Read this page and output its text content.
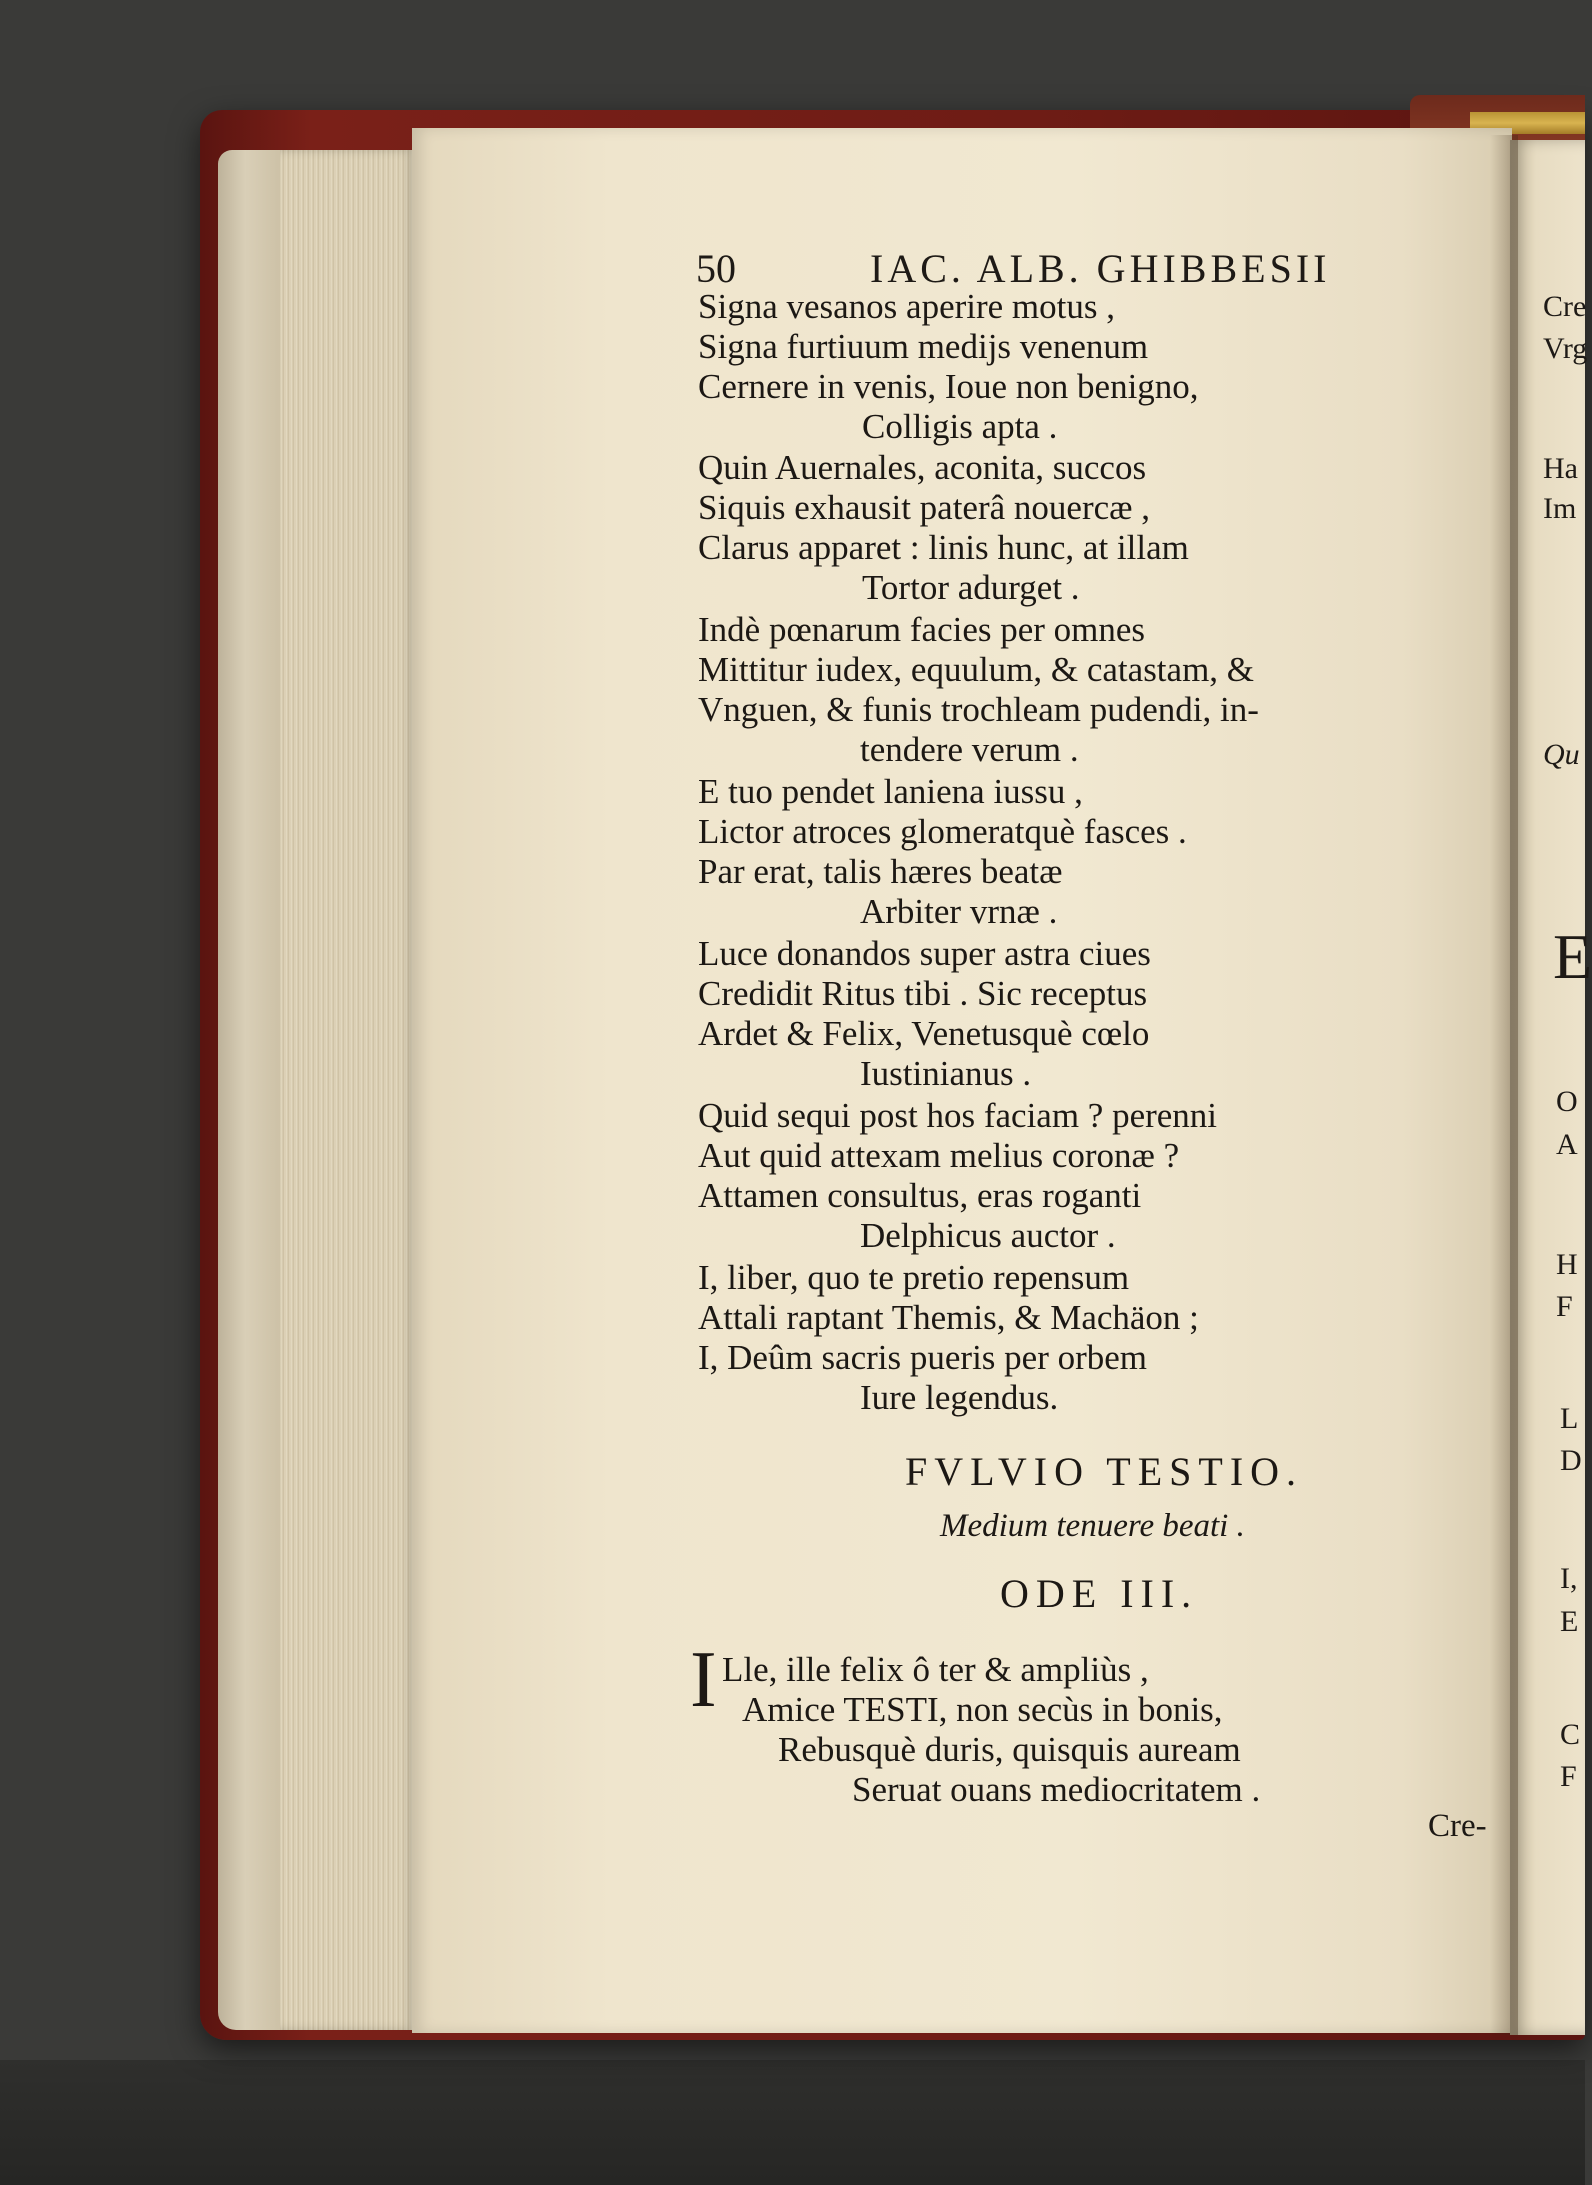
50	IAC. ALB. GHIBBESII
Signa vesanos aperire motus ,
Signa furtiuum medijs venenum
Cernere in venis, Ioue non benigno,
Colligis apta .
Quin Auernales, aconita, succos
Siquis exhausit paterâ nouercæ ,
Clarus apparet : linis hunc, at illam
Tortor adurget .
Indè pœnarum facies per omnes
Mittitur iudex, equulum, & catastam, &
Vnguen, & funis trochleam pudendi, in-
tendere verum .
E tuo pendet laniena iussu ,
Lictor atroces glomeratquè fasces .
Par erat, talis hæres beatæ
Arbiter vrnæ .
Luce donandos super astra ciues
Credidit Ritus tibi . Sic receptus
Ardet & Felix, Venetusquè cœlo
Iustinianus .
Quid sequi post hos faciam ? perenni
Aut quid attexam melius coronæ ?
Attamen consultus, eras roganti
Delphicus auctor .
I, liber, quo te pretio repensum
Attali raptant Themis, & Machäon ;
I, Deûm sacris pueris per orbem
Iure legendus.
FVLVIO TESTIO.
Medium tenuere beati .
ODE III.
I Lle, ille felix ô ter & ampliùs ,
Amice TESTI, non secùs in bonis,
Rebusquè duris, quisquis auream
Seruat ouans mediocritatem .
Cre-
Cre
Vrg
Ha
Im
Qu
E
O
A
H
F
L
D
I,
E
C
F
